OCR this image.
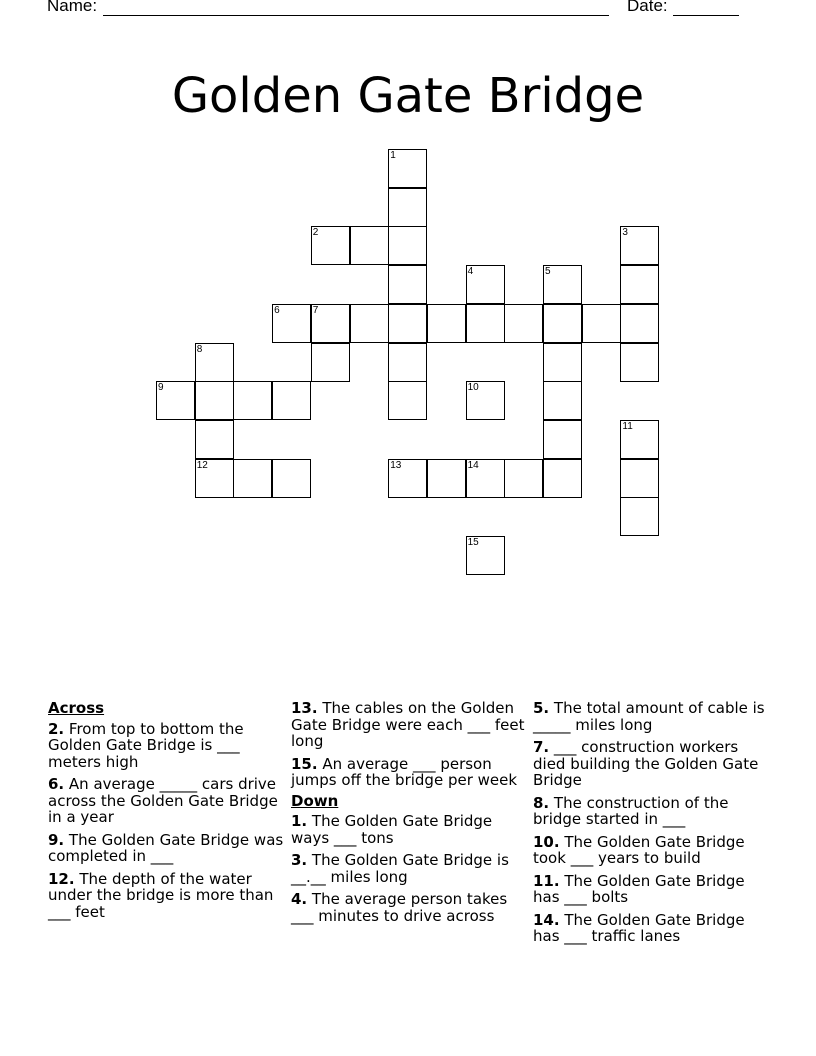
Name:	Date:
Golden Gate Bridge
1
2	3
4	5
6	7
8
9	10
11
12	13	14
15
Across
2. From top to bottom the Golden Gate Bridge is ___ meters high
6. An average _____ cars drive across the Golden Gate Bridge in a year
9. The Golden Gate Bridge was completed in ___
12. The depth of the water under the bridge is more than ___ feet
13. The cables on the Golden Gate Bridge were each ___ feet long
15. An average ___ person jumps off the bridge per week
Down
1. The Golden Gate Bridge ways ___ tons
3. The Golden Gate Bridge is __.__ miles long
4. The average person takes ___ minutes to drive across
5. The total amount of cable is _____ miles long
7. ___ construction workers died building the Golden Gate Bridge
8. The construction of the bridge started in ___
10. The Golden Gate Bridge took ___ years to build
11. The Golden Gate Bridge has ___ bolts
14. The Golden Gate Bridge has ___ traffic lanes
